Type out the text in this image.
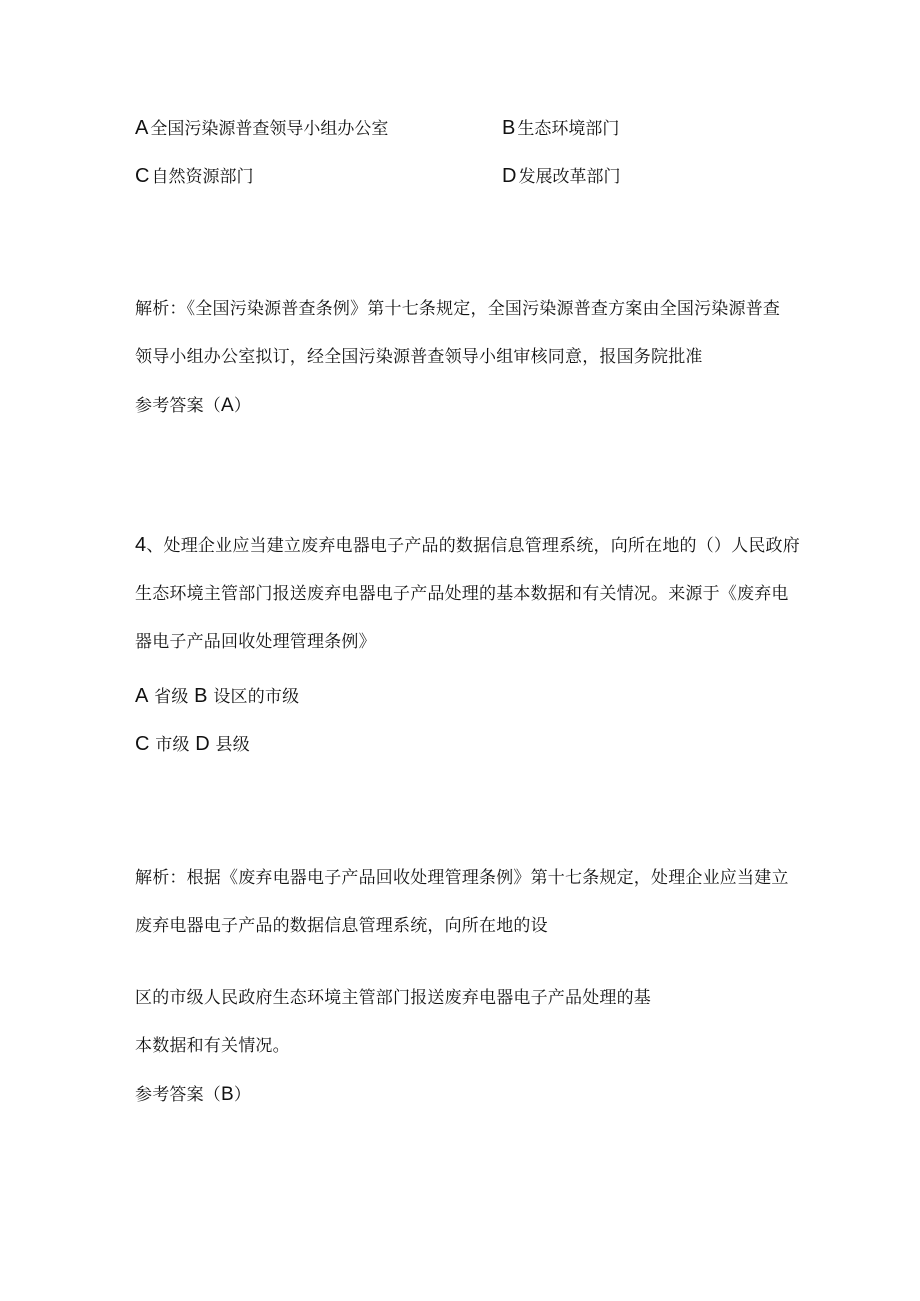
A 全国污染源普查领导小组办公室	B 生态环境部门
C 自然资源部门	D 发展改革部门
解析：《全国污染源普查条例》第十七条规定，全国污染源普查方案由全国污染源普查
领导小组办公室拟订，经全国污染源普查领导小组审核同意，报国务院批准
参考答案（A）
4、处理企业应当建立废弃电器电子产品的数据信息管理系统，向所在地的（）人民政府
生态环境主管部门报送废弃电器电子产品处理的基本数据和有关情况。来源于《废弃电
器电子产品回收处理管理条例》
A 省级 B 设区的市级
C 市级 D 县级
解析：根据《废弃电器电子产品回收处理管理条例》第十七条规定，处理企业应当建立
废弃电器电子产品的数据信息管理系统，向所在地的设
区的市级人民政府生态环境主管部门报送废弃电器电子产品处理的基
本数据和有关情况。
参考答案（B）
